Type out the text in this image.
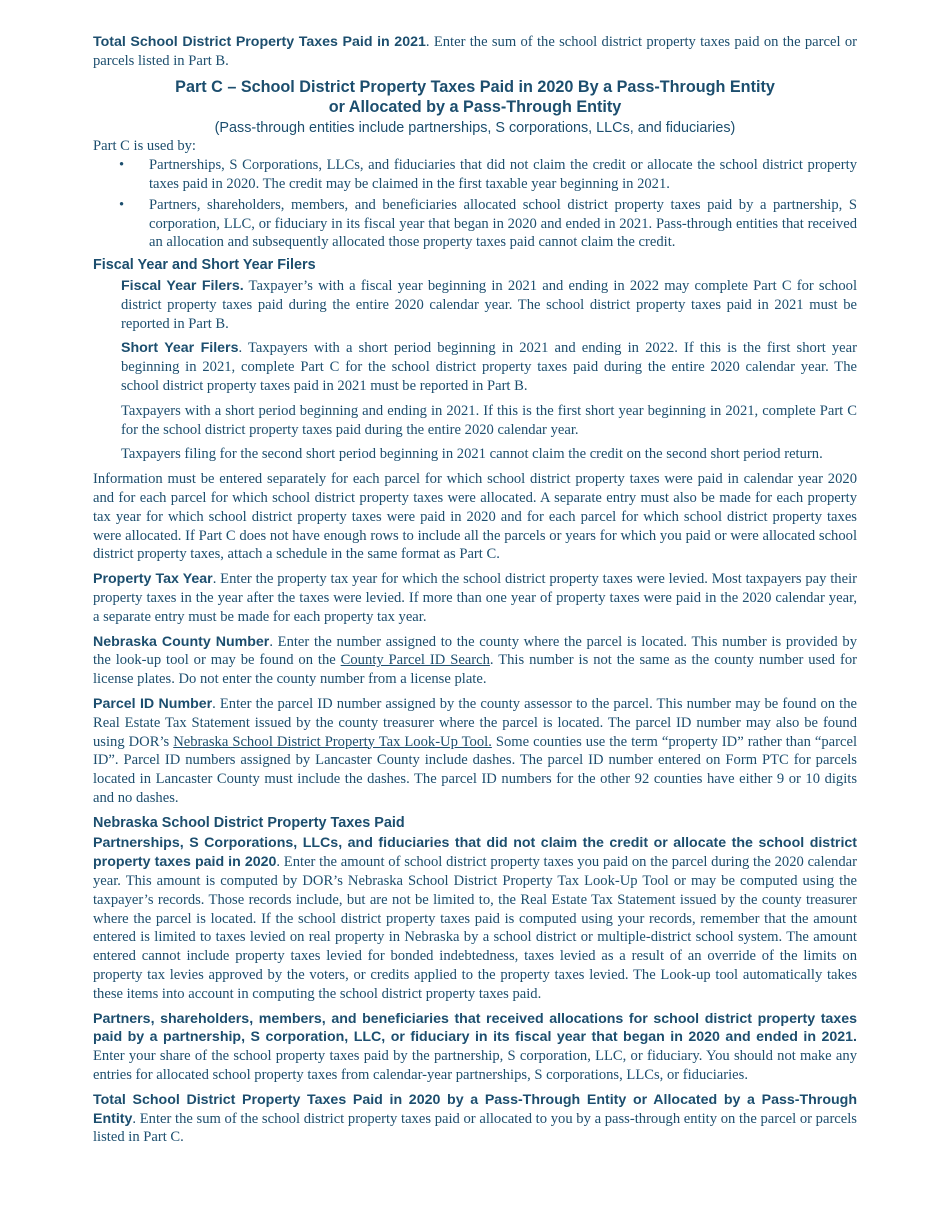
Total School District Property Taxes Paid in 2021. Enter the sum of the school district property taxes paid on the parcel or parcels listed in Part B.

Part C – School District Property Taxes Paid in 2020 By a Pass-Through Entity
or Allocated by a Pass-Through Entity

(Pass-through entities include partnerships, S corporations, LLCs, and fiduciaries)

Part C is used by:

• Partnerships, S Corporations, LLCs, and fiduciaries that did not claim the credit or allocate the school district property taxes paid in 2020. The credit may be claimed in the first taxable year beginning in 2021.
• Partners, shareholders, members, and beneficiaries allocated school district property taxes paid by a partnership, S corporation, LLC, or fiduciary in its fiscal year that began in 2020 and ended in 2021. Pass-through entities that received an allocation and subsequently allocated those property taxes paid cannot claim the credit.
Fiscal Year and Short Year Filers

Fiscal Year Filers. Taxpayer’s with a fiscal year beginning in 2021 and ending in 2022 may complete Part C for school district property taxes paid during the entire 2020 calendar year. The school district property taxes paid in 2021 must be reported in Part B.

Short Year Filers. Taxpayers with a short period beginning in 2021 and ending in 2022. If this is the first short year beginning in 2021, complete Part C for the school district property taxes paid during the entire 2020 calendar year. The school district property taxes paid in 2021 must be reported in Part B.

Taxpayers with a short period beginning and ending in 2021. If this is the first short year beginning in 2021, complete Part C for the school district property taxes paid during the entire 2020 calendar year.

Taxpayers filing for the second short period beginning in 2021 cannot claim the credit on the second short period return.

Information must be entered separately for each parcel for which school district property taxes were paid in calendar year 2020 and for each parcel for which school district property taxes were allocated. A separate entry must also be made for each property tax year for which school district property taxes were paid in 2020 and for each parcel for which school district property taxes were allocated. If Part C does not have enough rows to include all the parcels or years for which you paid or were allocated school district property taxes, attach a schedule in the same format as Part C.

Property Tax Year. Enter the property tax year for which the school district property taxes were levied. Most taxpayers pay their property taxes in the year after the taxes were levied. If more than one year of property taxes were paid in the 2020 calendar year, a separate entry must be made for each property tax year.

Nebraska County Number. Enter the number assigned to the county where the parcel is located. This number is provided by the look-up tool or may be found on the County Parcel ID Search. This number is not the same as the county number used for license plates. Do not enter the county number from a license plate.

Parcel ID Number. Enter the parcel ID number assigned by the county assessor to the parcel. This number may be found on the Real Estate Tax Statement issued by the county treasurer where the parcel is located. The parcel ID number may also be found using DOR’s Nebraska School District Property Tax Look-Up Tool. Some counties use the term “property ID” rather than “parcel ID”. Parcel ID numbers assigned by Lancaster County include dashes. The parcel ID number entered on Form PTC for parcels located in Lancaster County must include the dashes. The parcel ID numbers for the other 92 counties have either 9 or 10 digits and no dashes.

Nebraska School District Property Taxes Paid

Partnerships, S Corporations, LLCs, and fiduciaries that did not claim the credit or allocate the school district property taxes paid in 2020. Enter the amount of school district property taxes you paid on the parcel during the 2020 calendar year. This amount is computed by DOR’s Nebraska School District Property Tax Look-Up Tool or may be computed using the taxpayer’s records. Those records include, but are not be limited to, the Real Estate Tax Statement issued by the county treasurer where the parcel is located. If the school district property taxes paid is computed using your records, remember that the amount entered is limited to taxes levied on real property in Nebraska by a school district or multiple-district school system. The amount entered cannot include property taxes levied for bonded indebtedness, taxes levied as a result of an override of the limits on property tax levies approved by the voters, or credits applied to the property taxes levied. The Look-up tool automatically takes these items into account in computing the school district property taxes paid.

Partners, shareholders, members, and beneficiaries that received allocations for school district property taxes paid by a partnership, S corporation, LLC, or fiduciary in its fiscal year that began in 2020 and ended in 2021. Enter your share of the school property taxes paid by the partnership, S corporation, LLC, or fiduciary. You should not make any entries for allocated school property taxes from calendar-year partnerships, S corporations, LLCs, or fiduciaries.

Total School District Property Taxes Paid in 2020 by a Pass-Through Entity or Allocated by a Pass-Through Entity. Enter the sum of the school district property taxes paid or allocated to you by a pass-through entity on the parcel or parcels listed in Part C.
